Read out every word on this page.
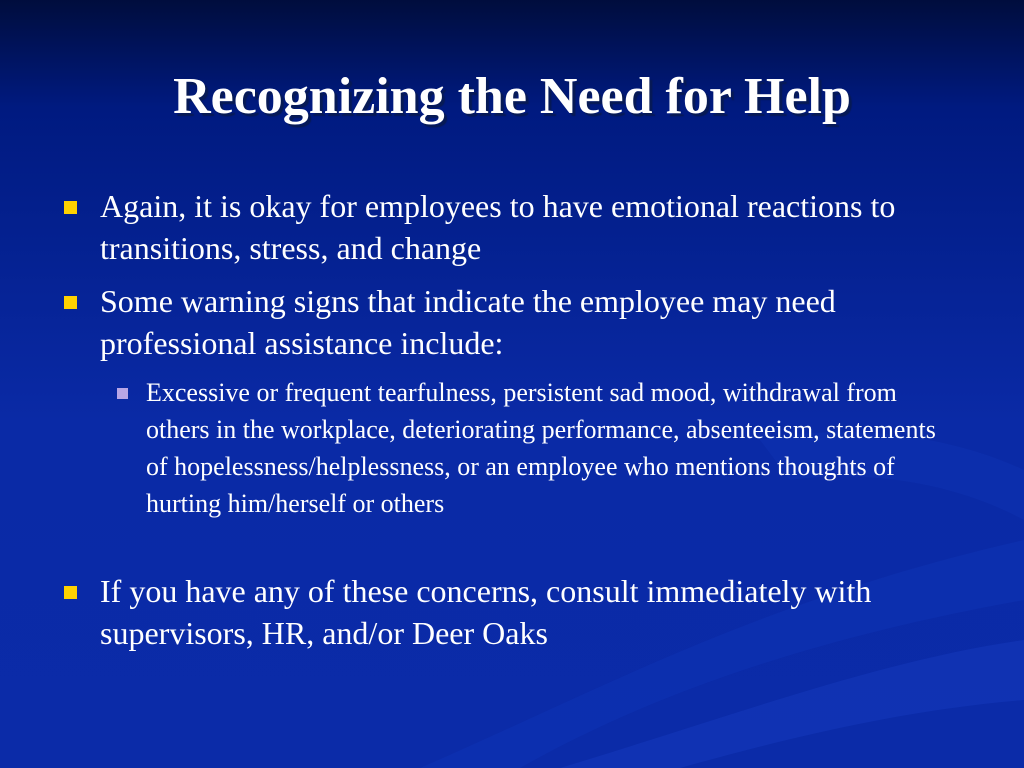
Recognizing the Need for Help
Again, it is okay for employees to have emotional reactions to transitions, stress, and change
Some warning signs that indicate the employee may need professional assistance include:
Excessive or frequent tearfulness, persistent sad mood, withdrawal from others in the workplace, deteriorating performance, absenteeism, statements of hopelessness/helplessness, or an employee who mentions thoughts of hurting him/herself or others
If you have any of these concerns, consult immediately with supervisors, HR, and/or Deer Oaks
